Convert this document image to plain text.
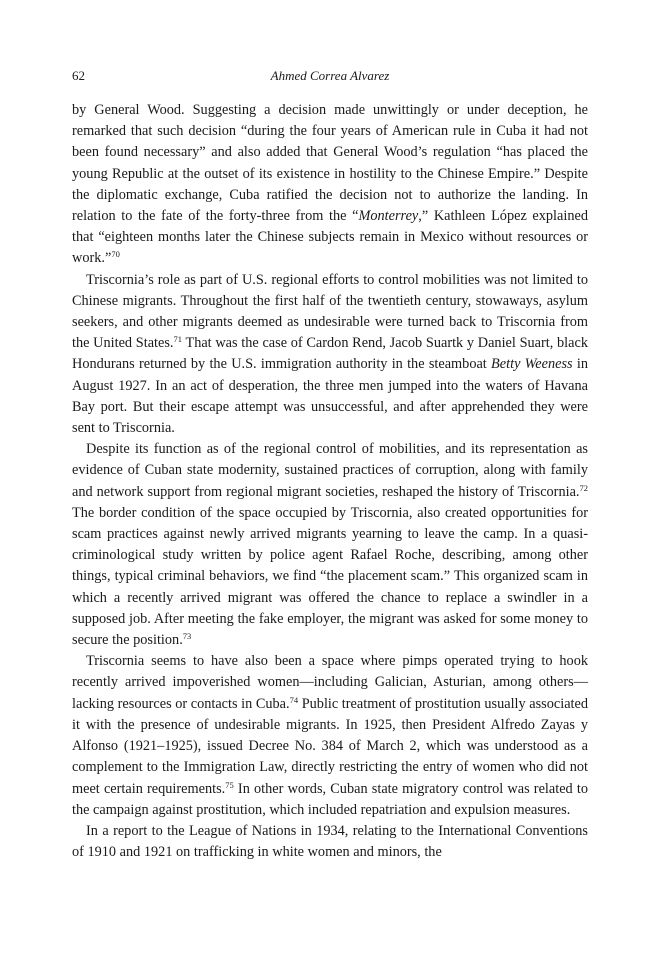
62	Ahmed Correa Alvarez

by General Wood. Suggesting a decision made unwittingly or under deception, he remarked that such decision “during the four years of American rule in Cuba it had not been found necessary” and also added that General Wood’s regulation “has placed the young Republic at the outset of its existence in hostility to the Chinese Empire.” Despite the diplomatic exchange, Cuba ratified the decision not to authorize the landing. In relation to the fate of the forty-three from the “Monterrey,” Kathleen López explained that “eighteen months later the Chinese subjects remain in Mexico without resources or work.”$^{70}$

Triscornia’s role as part of U.S. regional efforts to control mobilities was not limited to Chinese migrants. Throughout the first half of the twentieth century, stowaways, asylum seekers, and other migrants deemed as undesirable were turned back to Triscornia from the United States.$^{71}$ That was the case of Cardon Rend, Jacob Suartk y Daniel Suart, black Hondurans returned by the U.S. immigration authority in the steamboat Betty Weeness in August 1927. In an act of desperation, the three men jumped into the waters of Havana Bay port. But their escape attempt was unsuccessful, and after apprehended they were sent to Triscornia.

Despite its function as of the regional control of mobilities, and its representation as evidence of Cuban state modernity, sustained practices of corruption, along with family and network support from regional migrant societies, reshaped the history of Triscornia.$^{72}$ The border condition of the space occupied by Triscornia, also created opportunities for scam practices against newly arrived migrants yearning to leave the camp. In a quasi-criminological study written by police agent Rafael Roche, describing, among other things, typical criminal behaviors, we find “the placement scam.” This organized scam in which a recently arrived migrant was offered the chance to replace a swindler in a supposed job. After meeting the fake employer, the migrant was asked for some money to secure the position.$^{73}$

Triscornia seems to have also been a space where pimps operated trying to hook recently arrived impoverished women—including Galician, Asturian, among others—lacking resources or contacts in Cuba.$^{74}$ Public treatment of prostitution usually associated it with the presence of undesirable migrants. In 1925, then President Alfredo Zayas y Alfonso (1921–1925), issued Decree No. 384 of March 2, which was understood as a complement to the Immigration Law, directly restricting the entry of women who did not meet certain requirements.$^{75}$ In other words, Cuban state migratory control was related to the campaign against prostitution, which included repatriation and expulsion measures.

In a report to the League of Nations in 1934, relating to the International Conventions of 1910 and 1921 on trafficking in white women and minors, the
